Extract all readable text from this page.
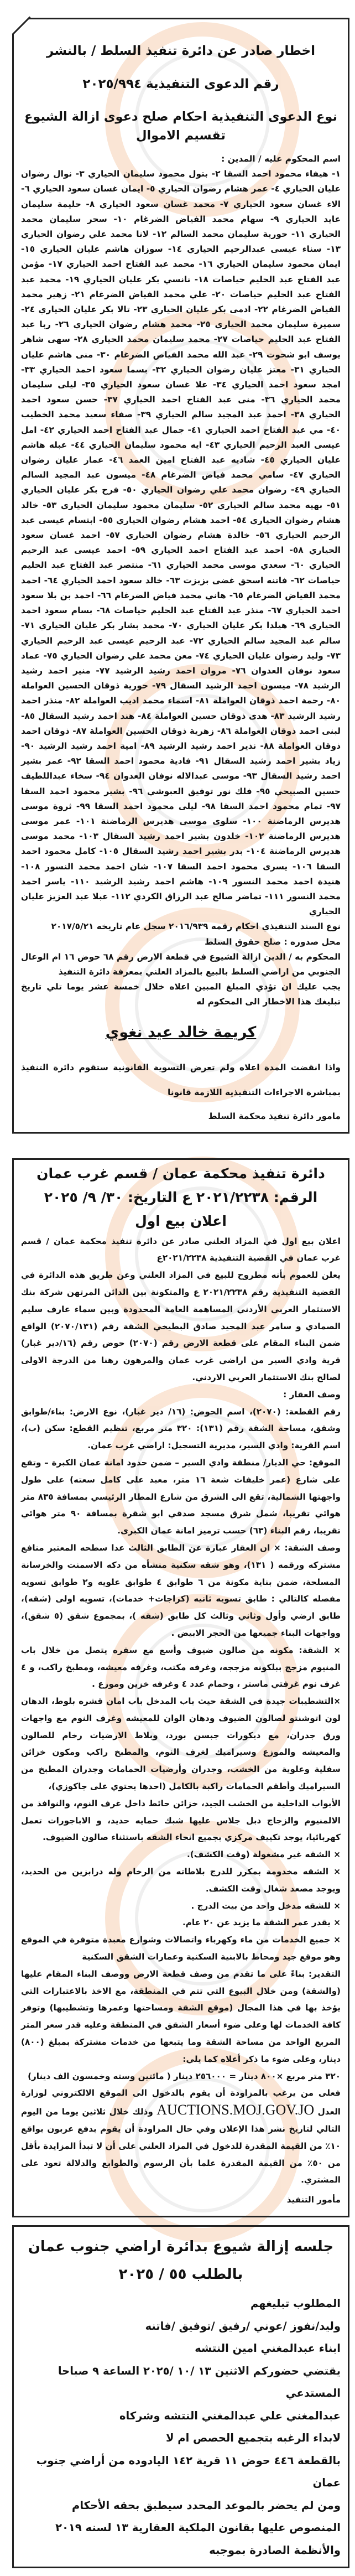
اخطار صادر عن دائرة تنفيذ السلط / بالنشر
رقم الدعوى التنفيذية ٢٠٢٥/٩٩٤
نوع الدعوى التنفيذية احكام صلح دعوى ازالة الشيوع تقسيم الاموال

اسم المحكوم عليه / المدين :

١- هيفاء محمود احمد السقا ٢- بتول محمود سليمان الحياري ٣- نوال رضوان عليان الحياري ٤- عمر هشام رضوان الحياري ٥- ايمان غسان سعود الحياري ٦- الاء غسان سعود الحياري ٧- محمد غسان سعود الحياري ٨- حليمة سليمان عايد الحياري ٩- سهام محمد الفياض الضرغام ١٠- سحر سليمان محمد الحياري ١١- حورية سليمان محمد السالم ١٢- لانا محمد علي رضوان الحياري ١٣- سناء عيسى عبدالرحيم الحياري ١٤- سوزان هاشم عليان الحياري ١٥- ايمان محمود سليمان الحياري ١٦- محمد عبد الفتاح احمد الحياري ١٧- مؤمن عبد الفتاح عبد الحليم حياصات ١٨- نانسي بكر عليان الحياري ١٩- محمد عبد الفتاح عبد الحليم حياصات ٢٠- علي محمد الفياض الضرغام ٢١- زهير محمد الفياض الضرغام ٢٢- ادمى بكر عليان الحياري ٢٣- تالا بكر عليان الحياري ٢٤- سميرة سليمان محمد الحياري ٢٥- محمد هشام رضوان الحياري ٢٦- ربا عبد الفتاح عبد الحليم حياصات ٢٧- محمد سليمان محمد الحياري ٢٨- سهى شاهر يوسف ابو شحوت ٢٩- عبد الله محمد الفياض الضرغام ٣٠- منى هاشم عليان الحياري ٣١- معتز عليان رضوان الحياري ٣٢- بسما سعود احمد الحياري ٣٣- امجد سعود احمد الحياري ٣٤- علا غسان سعود الحياري ٣٥- ليلى سليمان محمد الحياري ٣٦- منى عبد الفتاح احمد الحياري ٣٧- حسن سعود احمد الحياري ٣٨- احمد عبد المجيد سالم الحياري ٣٩- صفاء سعيد محمد الخطيب ٤٠- مي عبد الفتاح احمد الحياري ٤١- جمال عبد الفتاح احمد الحياري ٤٢- امل عيسى العبد الرحيم الحياري ٤٣- ايه محمود سليمان الحياري ٤٤- عبله هاشم عليان الحياري ٤٥- شاديه عبد الفتاح امين العمد ٤٦- عمار عليان رضوان الحياري ٤٧- سامي محمد فياض الضرغام ٤٨- ميسون عبد المجيد السالم الحياري ٤٩- رضوان محمد علي رضوان الحياري ٥٠- فرح بكر عليان الحياري ٥١- بهيه محمد سالم الحياري ٥٢- سليمان محمود سليمان الحياري ٥٣- خالد هشام رضوان الحياري ٥٤- احمد هشام رضوان الحياري ٥٥- ابتسام عيسى عبد الرحيم الحياري ٥٦- خالدة هشام رضوان الحياري ٥٧- احمد غسان سعود الحياري ٥٨- احمد عبد الفتاح احمد الحياري ٥٩- احمد عيسى عبد الرحيم الحياري ٦٠- سعدي موسى محمد الحياري ٦١- منتصر عبد الفتاح عبد الحليم حياصات ٦٢- فاتنه اسحق غضى بزبزت ٦٣- خالد سعود احمد الحياري ٦٤- احمد محمد الفياض الضرغام ٦٥- هاني محمد فياض الضرغام ٦٦- احمد بن بلا سعود احمد الحياري ٦٧- منذر عبد الفتاح عبد الحليم حياصات ٦٨- بسام سعود احمد الحياري ٦٩- هيلدا بكر عليان الحياري ٧٠- محمد بشار بكر عليان الحياري ٧١- سالم عبد المجيد سالم الحياري ٧٢- عبد الرحيم عيسى عبد الرحيم الحياري ٧٣- وليد رضوان عليان الحياري ٧٤- معن محمد علي رضوان الحياري ٧٥- عماد سعود نوفان العدوان ٧٦- مروان احمد رشيد الرشيد ٧٧- منير احمد رشيد الرشيد ٧٨- ميسون احمد الرشيد السقال ٧٩- حورية ذوقان الحسين العواملة ٨٠- رحمة احمد ذوقان العواملة ٨١- اسماء محمد اديب العواملة ٨٢- منذر احمد رشيد الرشيد ٨٣- هدى ذوقان حسين العواملة ٨٤- هند احمد رشيد السقال ٨٥- لبنى احمد ذوقان العواملة ٨٦- زهرية ذوقان الحسين العواملة ٨٧- ذوقان احمد ذوقان العواملة ٨٨- نذير احمد رشيد الرشيد ٨٩- امية احمد رشيد الرشيد ٩٠- زياد بشير احمد رشيد السقال ٩١- فادية محمود احمد السقا ٩٢- عمر بشير احمد رشيد السقال ٩٣- موسى عبدالاله نوفان العدوان ٩٤- سخاء عبداللطيف حسين الصبيحي ٩٥- فلك نور توفيق العبوشي ٩٦- بشير محمود احمد السقا ٩٧- تمام محمود احمد السقا ٩٨- ليلى محمود احمد السقا ٩٩- ثروة موسى هديرس الرماضنة ١٠٠- سلوى موسى هديرس الرماضنة ١٠١- عمر موسى هديرس الرماضنة ١٠٢- خلدون بشير احمد رشيد السقال ١٠٣- محمد موسى هديرس الرماضنة ١٠٤- بدر بشير احمد رشيد السقال ١٠٥- كامل محمود احمد السقا ١٠٦- يسرى محمود احمد السقا ١٠٧- شان احمد محمد النسور ١٠٨- هنيدة احمد محمد النسور ١٠٩- هاشم احمد رشيد الرشيد ١١٠- ياسر احمد محمد النسور ١١١- تماضر صالح عبد الرزاق الكردي ١١٢- عبلا عبد العزيز عليان الحياري

نوع السند التنفيذي احكام رقمه ٢٠١٦/٩٣٩ سجل عام تاريخه ٢٠١٧/٥/٢١

محل صدوره : صلح حقوق السلط

المحكوم به / الدين ازالة الشيوع في قطعة الارض رقم ٦٨ حوض ١٦ ام الوعال الجنوبي من اراضي السلط بالبيع بالمزاد العلني بمعرفة دائرة التنفيذ

يجب عليك ان تؤدي المبلغ المبين اعلاه خلال خمسة عشر يوما تلي تاريخ تبليغك هذا الاخطار الى المحكوم له

كريمة خالد عيد نغوي

واذا انقضت المدة اعلاه ولم تعرض التسوية القانونية ستقوم دائرة التنفيذ بمباشرة الاجراءات التنفيذية اللازمة قانونا

مامور دائرة تنفيذ محكمة السلط

دائرة تنفيذ محكمة عمان / قسم غرب عمان
الرقم: ٢٠٢١/٢٢٣٨ ع التاريخ: ٣٠/ ٩/ ٢٠٢٥
اعلان بيع اول

اعلان بيع اول في المزاد العلني صادر عن دائرة تنفيذ محكمة عمان / قسم غرب عمان في القضية التنفيذية ٢٠٢١/٢٢٣٨ع

يعلن للعموم بأنه مطروح للبيع في المزاد العلني وعن طريق هذه الدائرة في القضية التنفيذية رقم ٢٠٢١/٢٢٣٨ ع والمتكونة بين الدائن المرتهن شركة بنك الاستثمار العربي الأردني المساهمة العامة المحدودة وبين سماء عارف سليم الصمادي و سامر عبد المجيد صادق البطيخي الشقة رقم (٢٠٧٠/١٣١) الواقع ضمن البناء المقام على قطعة الارض رقم (٢٠٧٠) حوض رقم (١٦/دير غبار) قرية وادي السير من اراضي غرب عمان والمرهون رهنا من الدرجة الاولى لصالح بنك الاستثمار العربي الاردني.

وصف العقار :

رقم القطعة: (٢٠٧٠)، اسم الحوض: (١٦/ دير غبار)، نوع الارض: بناء/طوابق وشقق، مساحة الشقة رقم (١٣١): ٣٢٠ متر مربع، تنظيم القطع: سكن (ب)، اسم القرية: وادي السير، مديرية التسجيل: اراضي غرب عمان.

الموقع: حي الديار/ منطقة وادي السير – ضمن حدود امانة عمان الكبرة – وتقع على شارع (عمر خليفات شعة ١٦ متر، معبد على كامل سعته) على طول واجهتها الشمالية، تقع الى الشرق من شارع المطار الرئيسي بمسافة ٨٣٥ متر هوائي تقريبا، شمل شرق مسجد صدقي ابو شقرة بمسافة ٩٠ متر هوائي تقريبا، رقم البناء (٦٣) حسب ترميز امانة عمان الكبرى.

وصف الشقة: × ان العقار عبارة عن الطابق الثالث عدا سطحه المعتبر منافع مشتركه ورقمه ( ١٣١)، وهو شقه سكنية منشأه من دكه الاسمنت والخرسانة المسلحة، ضمن بناية مكونة من ٦ طوابق ٤ طوابق علويه و٢ طوابق تسويه مفصله كالتالي : طابق تسويه ثانيه (كراجات+ خدمات)، تسويه اولى (شقه)، طابق ارضي وأول وثاني وثالث كل طابق (شقه )، بمجموع شقق (٥ شقق)، وواجهات البناء جميعها من الحجر الابيض .

× الشقة: مكونه من صالون ضيوف وأسع مع سفره يتصل من خلال باب المنيوم مزجج ببلكونه مزججه، وغرفه مكتب، وغرفه معيشه، ومطبخ راكب، و ٤ غرف نوم غرفتي ماستر ، وحمام عدد ٤ وغرفه خزين وموزع .

×التشطيبات جيدة في الشقة حيث باب المدخل باب امان قشره بلوط، الدهان لون اتوشنتو لصالون الضيوف ودهان الوان للمعيشه وغرف النوم مع واجهات ورق جدران، مع ديكورات جبسن بورد، وبلاط الارضيات رخام للصالون والمعيشه والموزع وسيراميك لغرف النوم، والمطبخ راكب ومكون خزائن سفلية وعلوية من الخشب، وجدران وأرضيات الحمامات وجدران المطبخ من السيراميك وأطقم الحمامات راكبة بالكامل (احدها يحتوي على جاكوزي)،

الأبواب الداخلية من الخشب الجيد، خزائن حائط داخل غرف النوم، والنوافذ من الالمنيوم والزجاج دبل جلاس عليها شبك حمايه حديد، و الاباجورات تعمل كهربائيا، يوجد تكييف مركزي بجميع انحاء الشقه باستثناء صالون الضيوف.

× الشقه غير مشغولة (وقت الكشف).

× الشقه مخدومة بمكرر للدرج بلاطاته من الرخام وله درابزين من الحديد، ويوجد مصعد شغال وقت الكشف.

× للشقه مدخل واحد من بيت الدرج .

× يقدر عمر الشقة ما يزيد عن ٢٠ عام.

× جميع الخدمات من ماء وكهرباء واتصالات وشوارع معبدة متوفرة في الموقع وهو موقع جيد ومحاط بالابنية السكنية وعمارات الشقق السكنية

التقدير: بناءً على ما تقدم من وصف قطعة الارض ووصف البناء المقام عليها (والشقة) ومن خلال البيوع التي تتم في المنطقة، مع الاخذ بالاعتبارات التي يؤخذ بها في هذا المجال (موقع الشقة ومساحتها وعمرها وتشطيبها) وتوفر كافة الخدمات لها وعلى ضوء أسعار الشقق في المنطقة وعليه قدر سعر المتر المربع الواحد من مساحة الشقة وما يتبعها من خدمات مشتركة بمبلغ (٨٠٠) دينار، وعلى ضوء ما ذكر أعلاه كما يلي:

٣٢٠ متر مربع ×٨٠٠ دينار = ٢٥٦٠٠٠ دينار ( مائتين وسته وخمسون الف دينار)

فعلى من يرغب بالمزاودة أن يقوم بالدخول الى الموقع الالكتروني لوزارة العدل AUCTIONS.MOJ.GOV.JO وذلك خلال ثلاثين يوما من اليوم التالي لتاريخ نشر هذا الإعلان وفي حال المزاودة أن يقوم بدفع عربون بواقع ١٠٪ من القيمة المقدرة للدخول في المزاد العلني على أن لا تبدأ المزايدة بأقل من ٥٠٪ من القيمة المقدرة علما بأن الرسوم والطوابع والدلالة تعود على المشتري.

مأمور التنفيذ

جلسه إزالة شيوع بدائرة اراضي جنوب عمان
بالطلب ٥٥ / ٢٠٢٥

المطلوب تبليغهم

وليد/نفوز /عوني /رفيق /توفيق /فاتنه

ابناء عبدالمغني امين النتشه

يقتضي حضوركم الاثنين ١٣ /١٠ /٢٠٢٥ الساعة ٩ صباحا

المستدعي

عبدالمغني علي عبدالمغني النتشه وشركاه

لابداء الرغبه بتجميع الحصص ام لا

بالقطعة ٤٤٦ حوض ١١ قرية ١٤٢ اليادوده من أراضي جنوب عمان

ومن لم يحضر بالموعد المحدد سيطبق بحقه الأحكام المنصوص عليها بقانون الملكية العقارية ١٣ لسنه ٢٠١٩ والأنظمة الصادرة بموجبه
